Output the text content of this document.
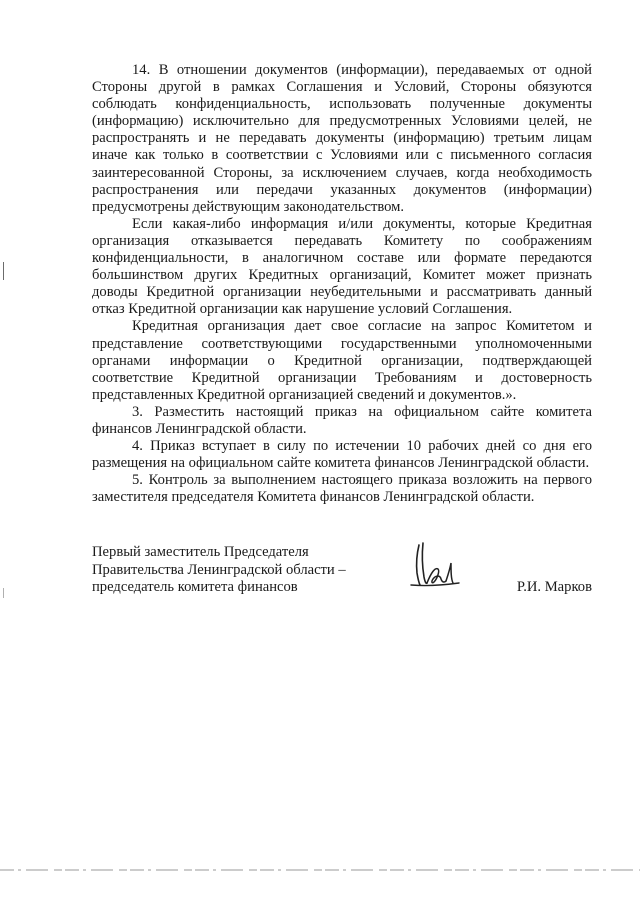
14. В отношении документов (информации), передаваемых от одной Стороны другой в рамках Соглашения и Условий, Стороны обязуются соблюдать конфиденциальность, использовать полученные документы (информацию) исключительно для предусмотренных Условиями целей, не распространять и не передавать документы (информацию) третьим лицам иначе как только в соответствии с Условиями или с письменного согласия заинтересованной Стороны, за исключением случаев, когда необходимость распространения или передачи указанных документов (информации) предусмотрены действующим законодательством.

Если какая-либо информация и/или документы, которые Кредитная организация отказывается передавать Комитету по соображениям конфиденциальности, в аналогичном составе или формате передаются большинством других Кредитных организаций, Комитет может признать доводы Кредитной организации неубедительными и рассматривать данный отказ Кредитной организации как нарушение условий Соглашения.

Кредитная организация дает свое согласие на запрос Комитетом и представление соответствующими государственными уполномоченными органами информации о Кредитной организации, подтверждающей соответствие Кредитной организации Требованиям и достоверность представленных Кредитной организацией сведений и документов.».

3. Разместить настоящий приказ на официальном сайте комитета финансов Ленинградской области.

4. Приказ вступает в силу по истечении 10 рабочих дней со дня его размещения на официальном сайте комитета финансов Ленинградской области.

5. Контроль за выполнением настоящего приказа возложить на первого заместителя председателя Комитета финансов Ленинградской области.

Первый заместитель Председателя
Правительства Ленинградской области –
председатель комитета финансов	Р.И. Марков
